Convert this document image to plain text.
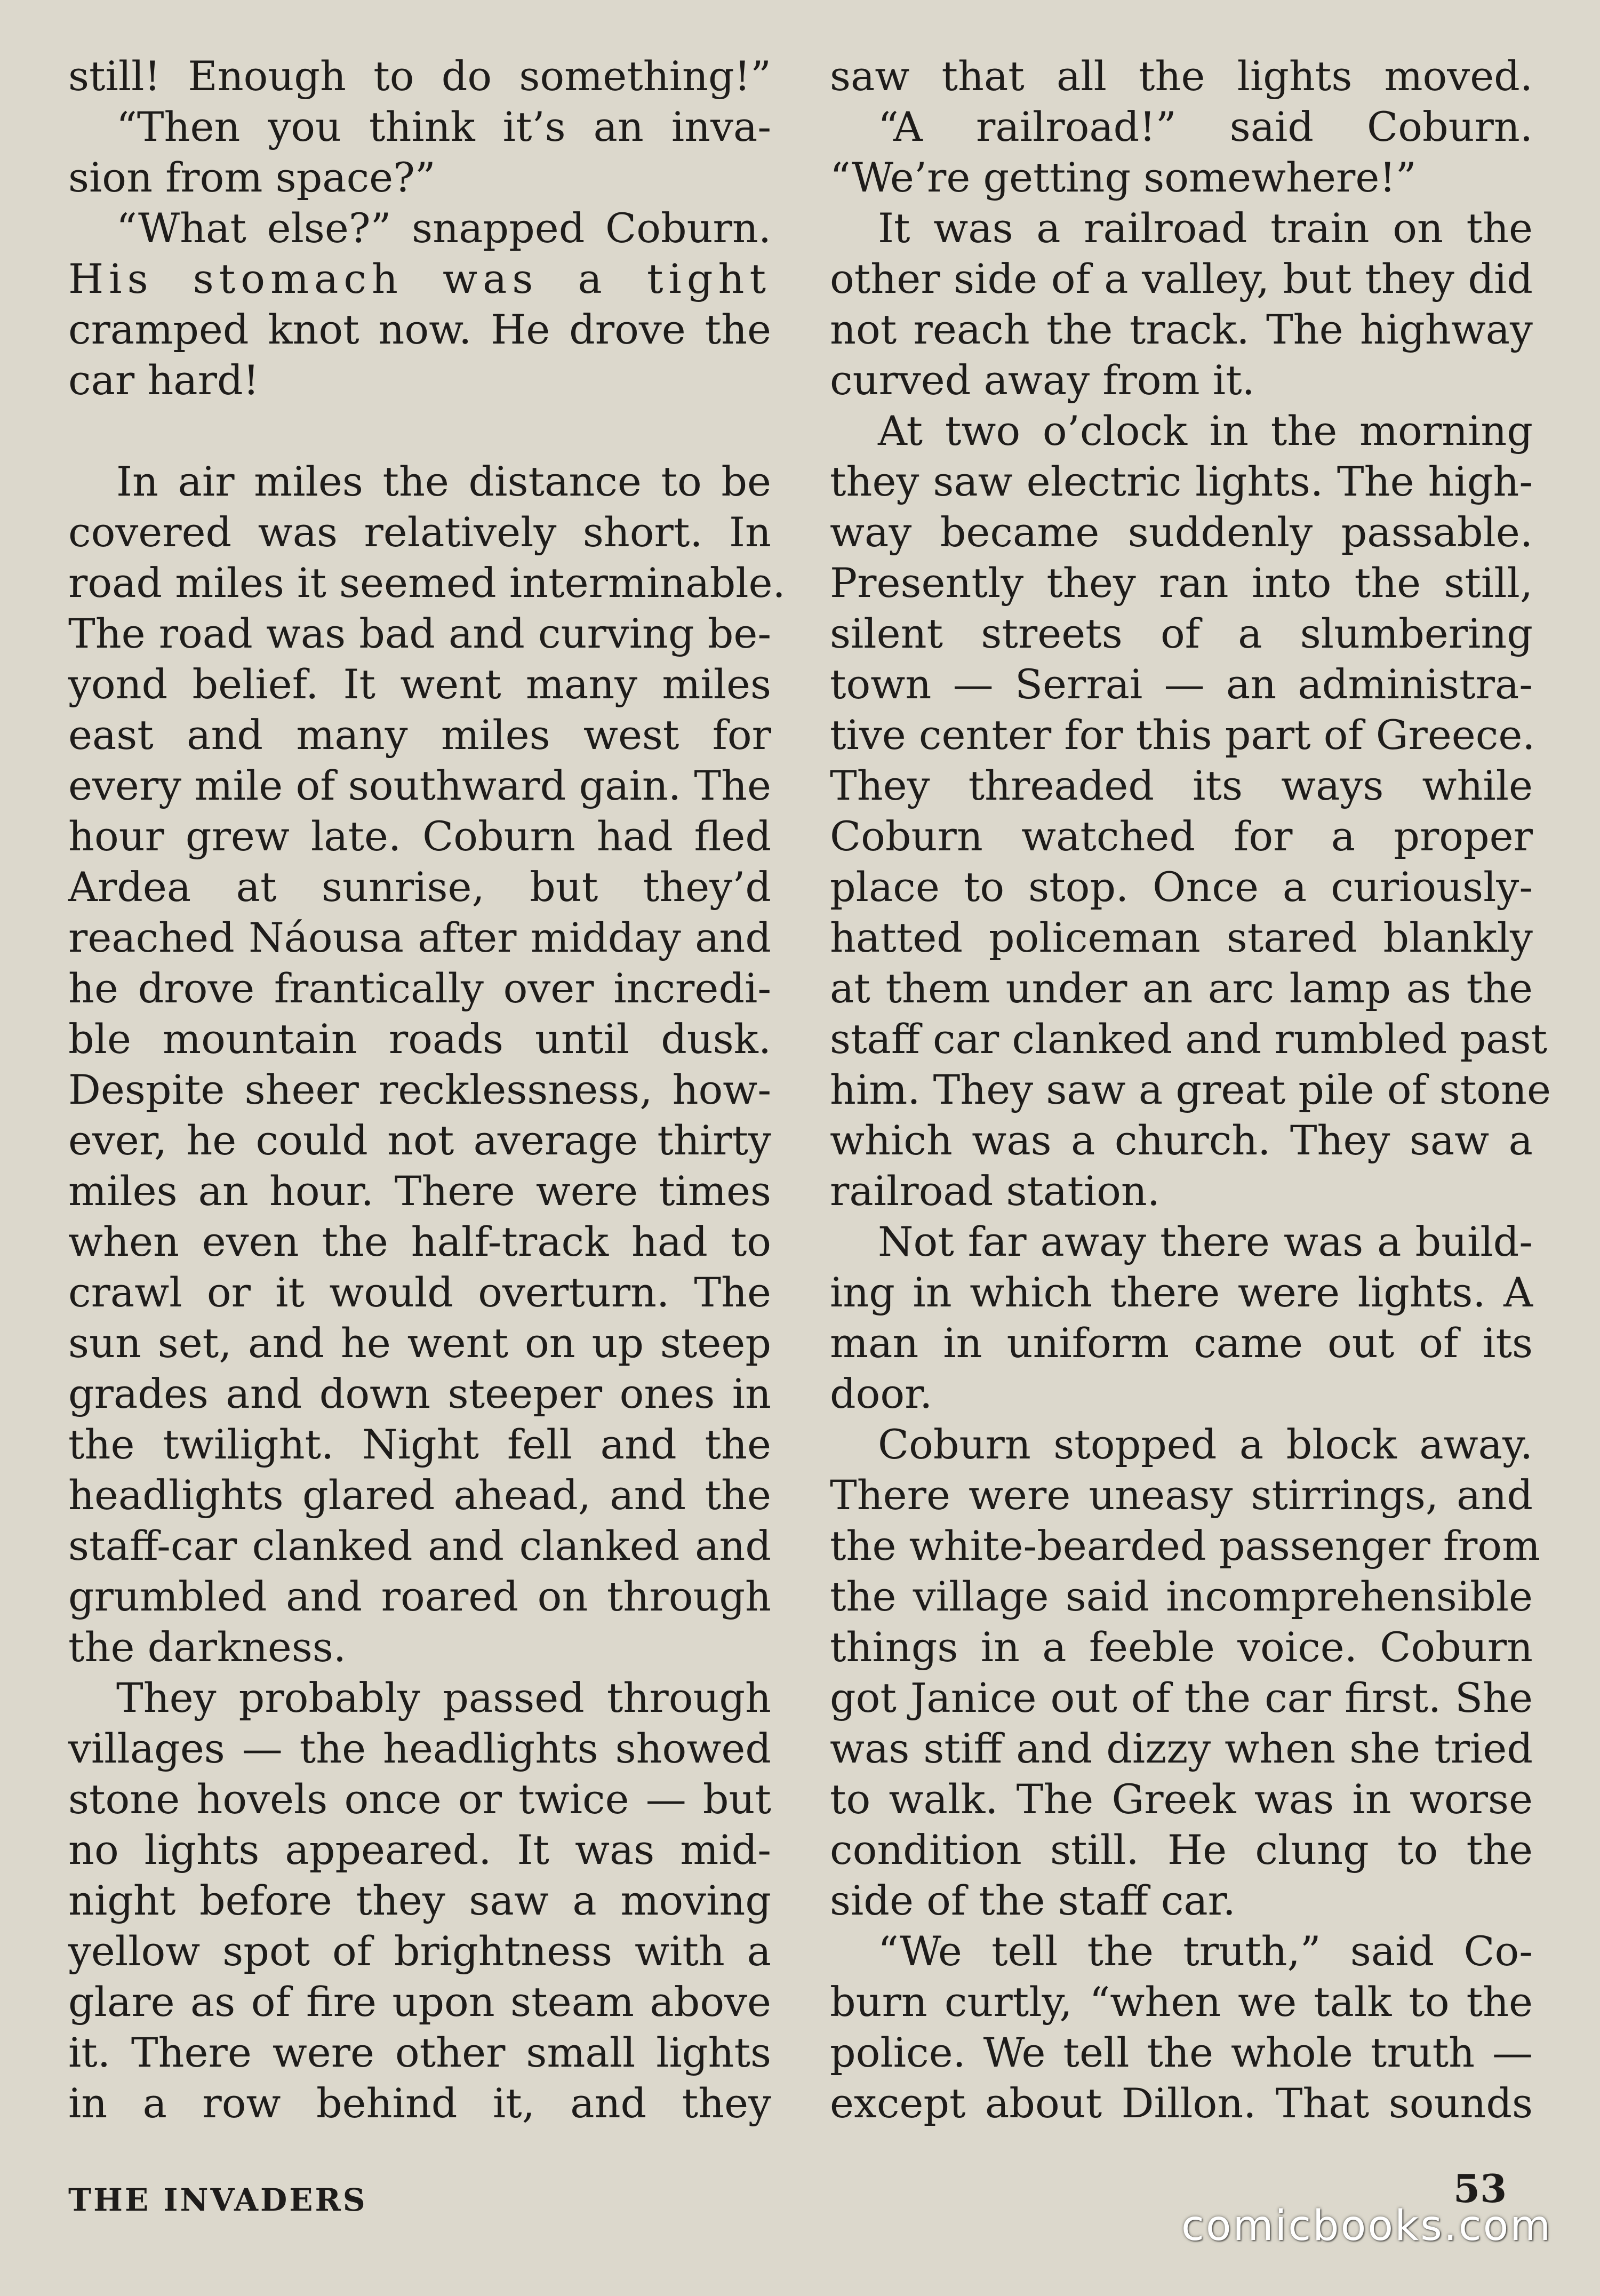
still! Enough to do something!”
“Then you think it’s an inva-
sion from space?”
“What else?” snapped Coburn.
His stomach was a tight
cramped knot now. He drove the
car hard!
In air miles the distance to be
covered was relatively short. In
road miles it seemed interminable.
The road was bad and curving be-
yond belief. It went many miles
east and many miles west for
every mile of southward gain. The
hour grew late. Coburn had fled
Ardea at sunrise, but they’d
reached Náousa after midday and
he drove frantically over incredi-
ble mountain roads until dusk.
Despite sheer recklessness, how-
ever, he could not average thirty
miles an hour. There were times
when even the half-track had to
crawl or it would overturn. The
sun set, and he went on up steep
grades and down steeper ones in
the twilight. Night fell and the
headlights glared ahead, and the
staff-car clanked and clanked and
grumbled and roared on through
the darkness.
They probably passed through
villages — the headlights showed
stone hovels once or twice — but
no lights appeared. It was mid-
night before they saw a moving
yellow spot of brightness with a
glare as of fire upon steam above
it. There were other small lights
in a row behind it, and they
saw that all the lights moved.
“A railroad!” said Coburn.
“We’re getting somewhere!”
It was a railroad train on the
other side of a valley, but they did
not reach the track. The highway
curved away from it.
At two o’clock in the morning
they saw electric lights. The high-
way became suddenly passable.
Presently they ran into the still,
silent streets of a slumbering
town — Serrai — an administra-
tive center for this part of Greece.
They threaded its ways while
Coburn watched for a proper
place to stop. Once a curiously-
hatted policeman stared blankly
at them under an arc lamp as the
staff car clanked and rumbled past
him. They saw a great pile of stone
which was a church. They saw a
railroad station.
Not far away there was a build-
ing in which there were lights. A
man in uniform came out of its
door.
Coburn stopped a block away.
There were uneasy stirrings, and
the white-bearded passenger from
the village said incomprehensible
things in a feeble voice. Coburn
got Janice out of the car first. She
was stiff and dizzy when she tried
to walk. The Greek was in worse
condition still. He clung to the
side of the staff car.
“We tell the truth,” said Co-
burn curtly, “when we talk to the
police. We tell the whole truth —
except about Dillon. That sounds
THE INVADERS	53
comicbooks.com
